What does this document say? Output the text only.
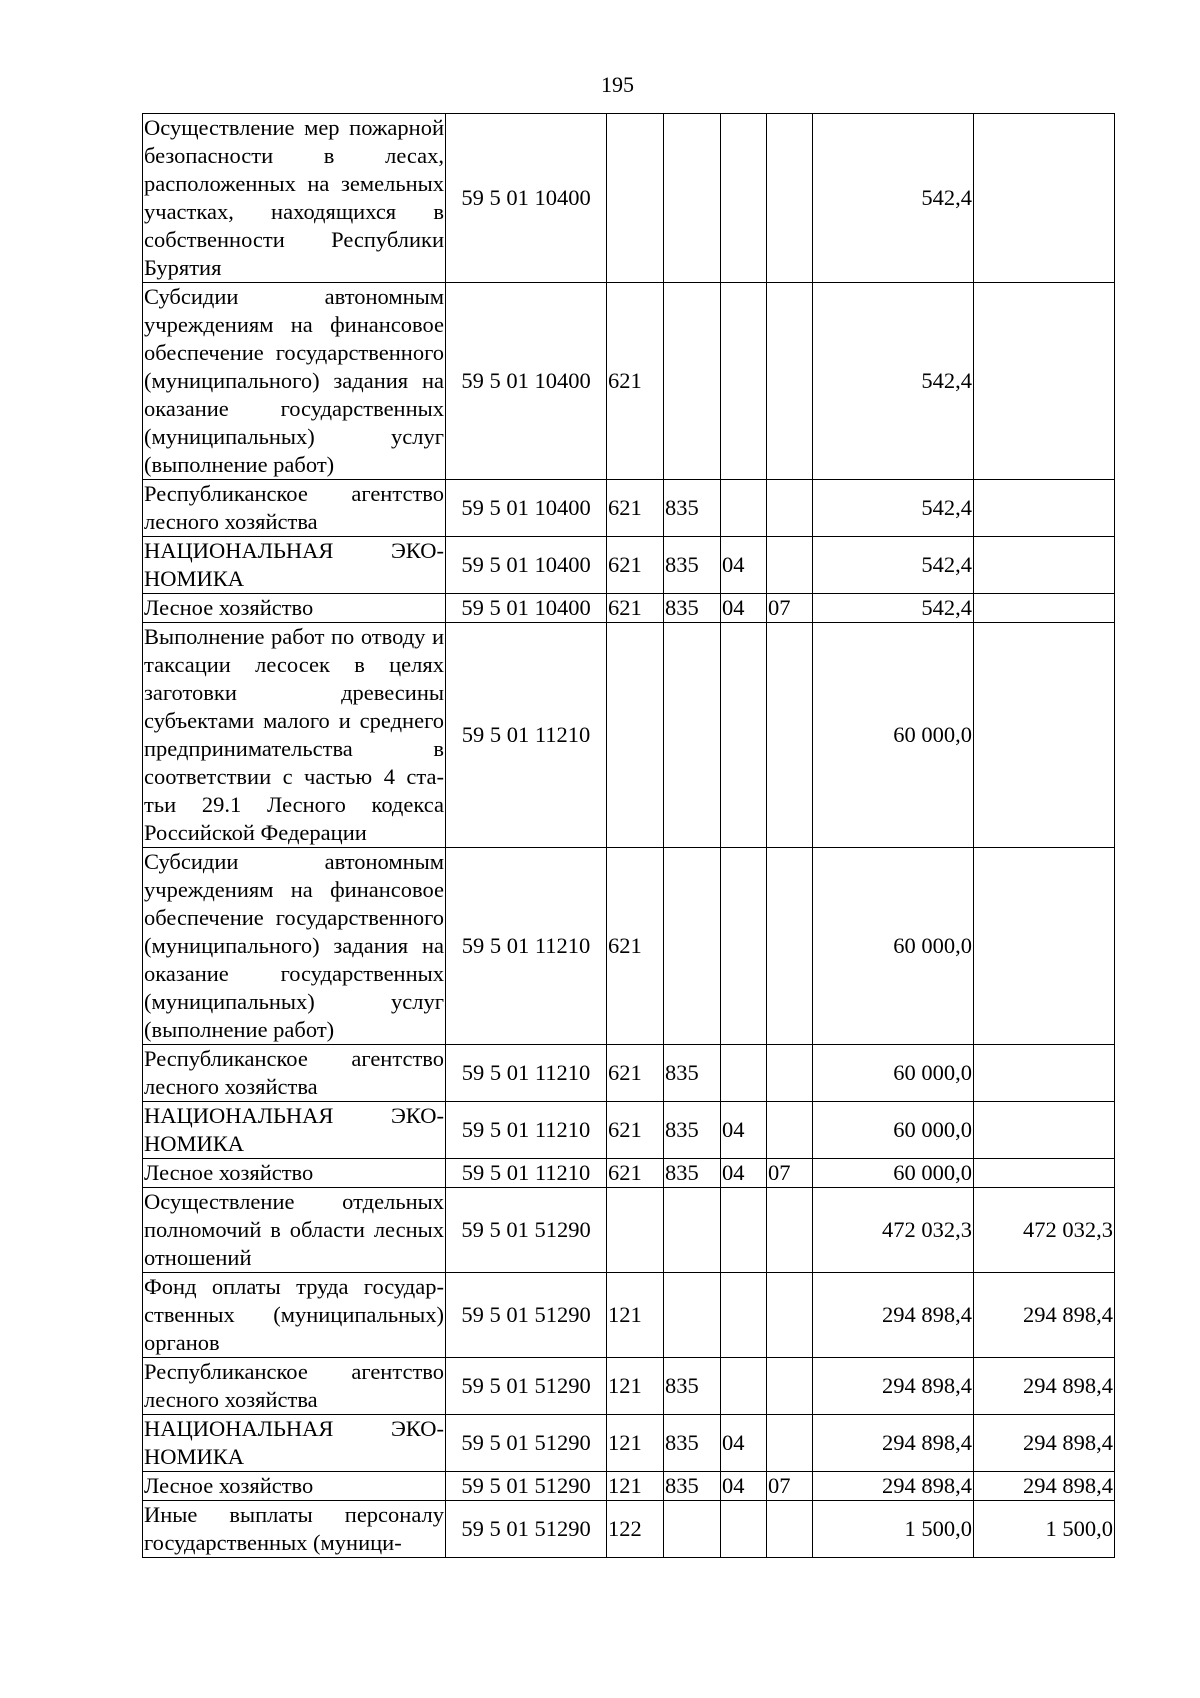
195
Осуществление мер пожарной безопасности в лесах, расположенных на земельных участках, находящихся в собственности Республики Бурятия	59 5 01 10400					542,4	
Субсидии автономным учреждениям на финансовое обеспечение государственного (муниципального) задания на оказание государственных (муниципальных) услуг (выполнение работ)	59 5 01 10400	621				542,4	
Республиканское агентство лесного хозяйства	59 5 01 10400	621	835			542,4	
НАЦИОНАЛЬНАЯ ЭКОНОМИКА	59 5 01 10400	621	835	04		542,4	
Лесное хозяйство	59 5 01 10400	621	835	04	07	542,4	
Выполнение работ по отводу и таксации лесосек в целях заготовки древесины субъектами малого и среднего предпринимательства в соответствии с частью 4 статьи 29.1 Лесного кодекса Российской Федерации	59 5 01 11210					60 000,0	
Субсидии автономным учреждениям на финансовое обеспечение государственного (муниципального) задания на оказание государственных (муниципальных) услуг (выполнение работ)	59 5 01 11210	621				60 000,0	
Республиканское агентство лесного хозяйства	59 5 01 11210	621	835			60 000,0	
НАЦИОНАЛЬНАЯ ЭКОНОМИКА	59 5 01 11210	621	835	04		60 000,0	
Лесное хозяйство	59 5 01 11210	621	835	04	07	60 000,0	
Осуществление отдельных полномочий в области лесных отношений	59 5 01 51290					472 032,3	472 032,3
Фонд оплаты труда государственных (муниципальных) органов	59 5 01 51290	121				294 898,4	294 898,4
Республиканское агентство лесного хозяйства	59 5 01 51290	121	835			294 898,4	294 898,4
НАЦИОНАЛЬНАЯ ЭКОНОМИКА	59 5 01 51290	121	835	04		294 898,4	294 898,4
Лесное хозяйство	59 5 01 51290	121	835	04	07	294 898,4	294 898,4
Иные выплаты персоналу государственных (муници-	59 5 01 51290	122				1 500,0	1 500,0
